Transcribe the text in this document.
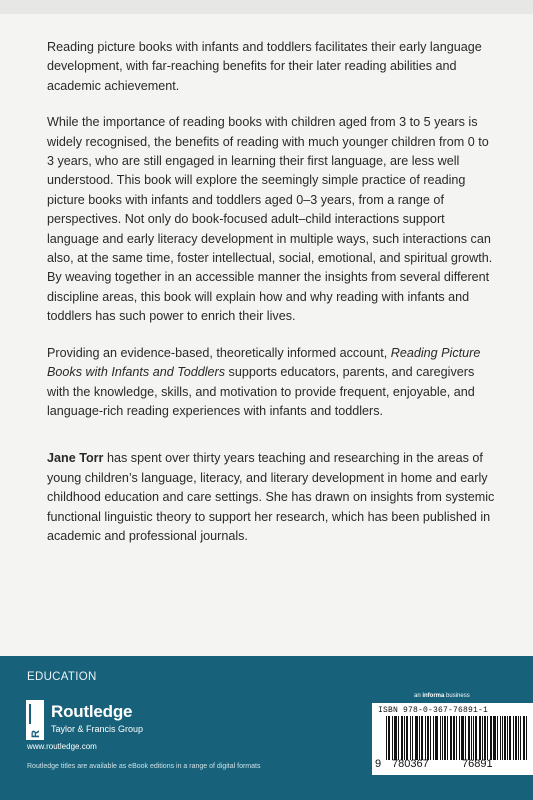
Reading picture books with infants and toddlers facilitates their early language development, with far-reaching benefits for their later reading abilities and academic achievement.

While the importance of reading books with children aged from 3 to 5 years is widely recognised, the benefits of reading with much younger children from 0 to 3 years, who are still engaged in learning their first language, are less well understood. This book will explore the seemingly simple practice of reading picture books with infants and toddlers aged 0–3 years, from a range of perspectives. Not only do book-focused adult–child interactions support language and early literacy development in multiple ways, such interactions can also, at the same time, foster intellectual, social, emotional, and spiritual growth. By weaving together in an accessible manner the insights from several different discipline areas, this book will explain how and why reading with infants and toddlers has such power to enrich their lives.

Providing an evidence-based, theoretically informed account, Reading Picture Books with Infants and Toddlers supports educators, parents, and caregivers with the knowledge, skills, and motivation to provide frequent, enjoyable, and language-rich reading experiences with infants and toddlers.

Jane Torr has spent over thirty years teaching and researching in the areas of young children’s language, literacy, and literary development in home and early childhood education and care settings. She has drawn on insights from systemic functional linguistic theory to support her research, which has been published in academic and professional journals.

EDUCATION
R
Routledge
Taylor & Francis Group
www.routledge.com
Routledge titles are available as eBook editions in a range of digital formats
an informa business
ISBN 978-0-367-76891-1
9 780367	76891
